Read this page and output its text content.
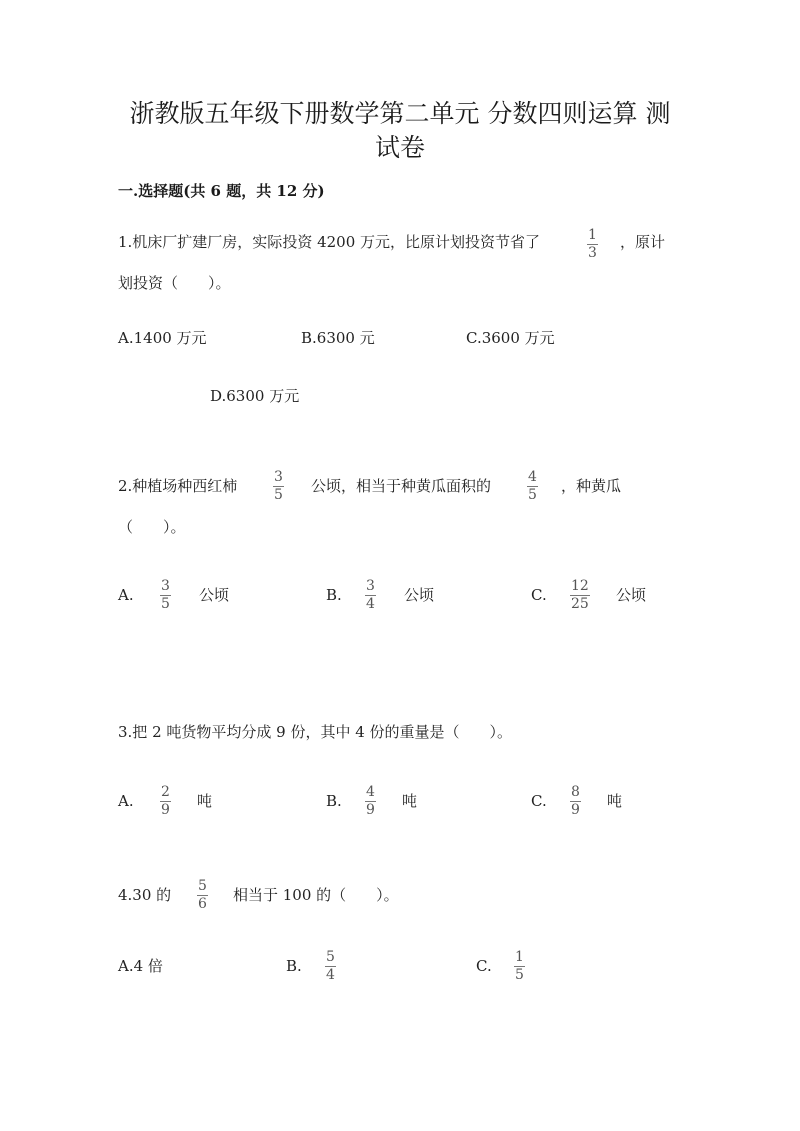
浙教版五年级下册数学第二单元 分数四则运算 测
试卷
一.选择题(共 6 题，共 12 分)
1.机床厂扩建厂房，实际投资 4200 万元，比原计划投资节省了	1
3
，原计
划投资（　　）。
A.1400 万元	B.6300 元	C.3600 万元
D.6300 万元
2.种植场种西红柿	3
5 公顷，相当于种黄瓜面积的	4
5 ，种黄瓜
（　　）。
A. 3
5 公顷	B. 3
4 公顷	C. 12
25 公顷
3.把 2 吨货物平均分成 9 份，其中 4 份的重量是（　　）。
A. 2
9 吨	B. 4
9 吨	C. 8
9 吨
4.30 的 5
6 相当于 100 的（　　）。
A.4 倍	B. 5
4	C. 1
5
